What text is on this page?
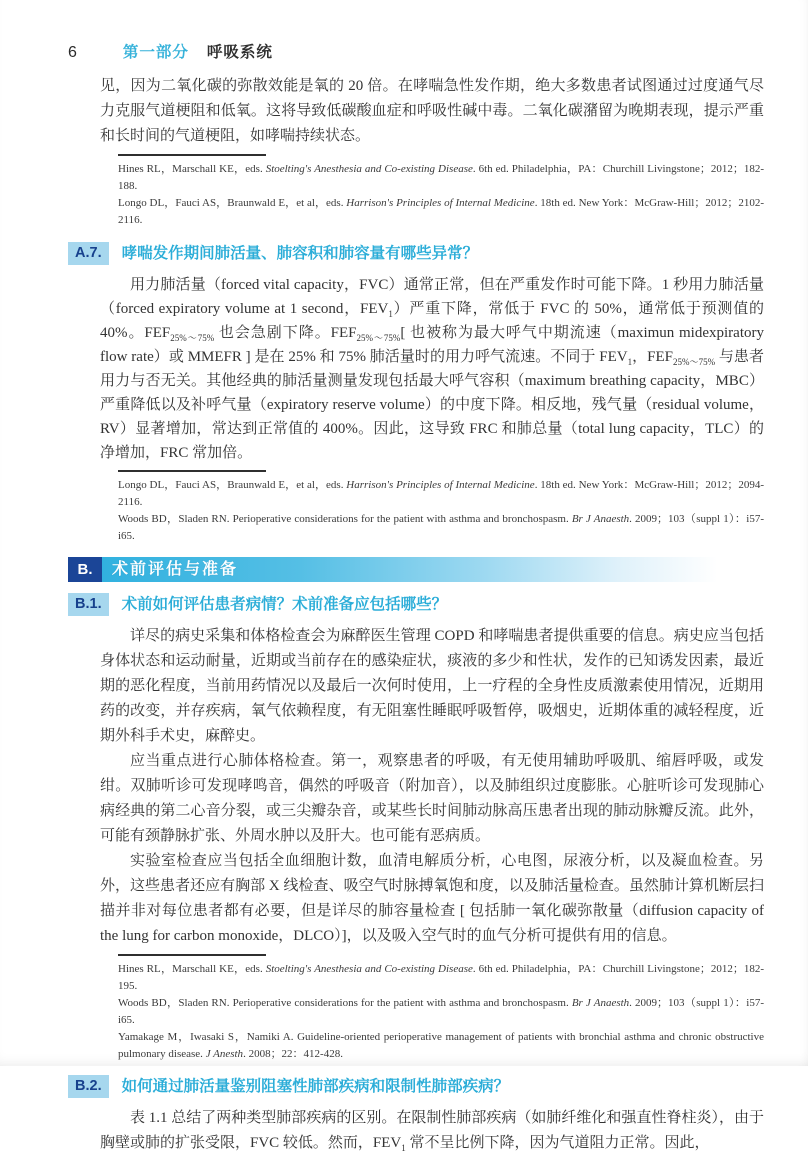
6	第一部分 呼吸系统

见，因为二氧化碳的弥散效能是氧的 20 倍。在哮喘急性发作期，绝大多数患者试图通过过度通气尽力克服气道梗阻和低氧。这将导致低碳酸血症和呼吸性碱中毒。二氧化碳潴留为晚期表现，提示严重和长时间的气道梗阻，如哮喘持续状态。

Hines RL，Marschall KE，eds. Stoelting's Anesthesia and Co-existing Disease. 6th ed. Philadelphia，PA：Churchill Livingstone；2012；182-188.

Longo DL，Fauci AS，Braunwald E，et al，eds. Harrison's Principles of Internal Medicine. 18th ed. New York：McGraw-Hill；2012；2102-2116.

A.7.	哮喘发作期间肺活量、肺容积和肺容量有哪些异常？

用力肺活量（forced vital capacity，FVC）通常正常，但在严重发作时可能下降。1 秒用力肺活量（forced expiratory volume at 1 second，$FEV_1$）严重下降，常低于 FVC 的 50%，通常低于预测值的 40%。$FEF_{25\%\sim 75\%}$ 也会急剧下降。$FEF_{25\%\sim 75\%}$[ 也被称为最大呼气中期流速（maximun midexpiratory flow rate）或 MMEFR ] 是在 25% 和 75% 肺活量时的用力呼气流速。不同于 $FEV_1$，$FEF_{25\%\sim 75\%}$ 与患者用力与否无关。其他经典的肺活量测量发现包括最大呼气容积（maximum breathing capacity，MBC）严重降低以及补呼气量（expiratory reserve volume）的中度下降。相反地，残气量（residual volume，RV）显著增加，常达到正常值的 400%。因此，这导致 FRC 和肺总量（total lung capacity，TLC）的净增加，FRC 常加倍。

Longo DL，Fauci AS，Braunwald E，et al，eds. Harrison's Principles of Internal Medicine. 18th ed. New York：McGraw-Hill；2012；2094-2116.

Woods BD，Sladen RN. Perioperative considerations for the patient with asthma and bronchospasm. Br J Anaesth. 2009；103（suppl 1）：i57-i65.

B.	术前评估与准备
B.1.	术前如何评估患者病情？术前准备应包括哪些？

详尽的病史采集和体格检查会为麻醉医生管理 COPD 和哮喘患者提供重要的信息。病史应当包括身体状态和运动耐量，近期或当前存在的感染症状，痰液的多少和性状，发作的已知诱发因素，最近期的恶化程度，当前用药情况以及最后一次何时使用，上一疗程的全身性皮质激素使用情况，近期用药的改变，并存疾病，氧气依赖程度，有无阻塞性睡眠呼吸暂停，吸烟史，近期体重的减轻程度，近期外科手术史，麻醉史。

应当重点进行心肺体格检查。第一，观察患者的呼吸，有无使用辅助呼吸肌、缩唇呼吸，或发绀。双肺听诊可发现哮鸣音，偶然的呼吸音（附加音），以及肺组织过度膨胀。心脏听诊可发现肺心病经典的第二心音分裂，或三尖瓣杂音，或某些长时间肺动脉高压患者出现的肺动脉瓣反流。此外，可能有颈静脉扩张、外周水肿以及肝大。也可能有恶病质。

实验室检查应当包括全血细胞计数，血清电解质分析，心电图，尿液分析，以及凝血检查。另外，这些患者还应有胸部 X 线检查、吸空气时脉搏氧饱和度，以及肺活量检查。虽然肺计算机断层扫描并非对每位患者都有必要，但是详尽的肺容量检查 [ 包括肺一氧化碳弥散量（diffusion capacity of the lung for carbon monoxide，DLCO）]，以及吸入空气时的血气分析可提供有用的信息。

Hines RL，Marschall KE，eds. Stoelting's Anesthesia and Co-existing Disease. 6th ed. Philadelphia，PA：Churchill Livingstone；2012；182-195.

Woods BD，Sladen RN. Perioperative considerations for the patient with asthma and bronchospasm. Br J Anaesth. 2009；103（suppl 1）：i57-i65.

Yamakage M，Iwasaki S，Namiki A. Guideline-oriented perioperative management of patients with bronchial asthma and chronic obstructive pulmonary disease. J Anesth. 2008；22：412-428.

B.2.	如何通过肺活量鉴别阻塞性肺部疾病和限制性肺部疾病？

表 1.1 总结了两种类型肺部疾病的区别。在限制性肺部疾病（如肺纤维化和强直性脊柱炎），由于胸壁或肺的扩张受限，FVC 较低。然而，$FEV_1$ 常不呈比例下降，因为气道阻力正常。因此，
